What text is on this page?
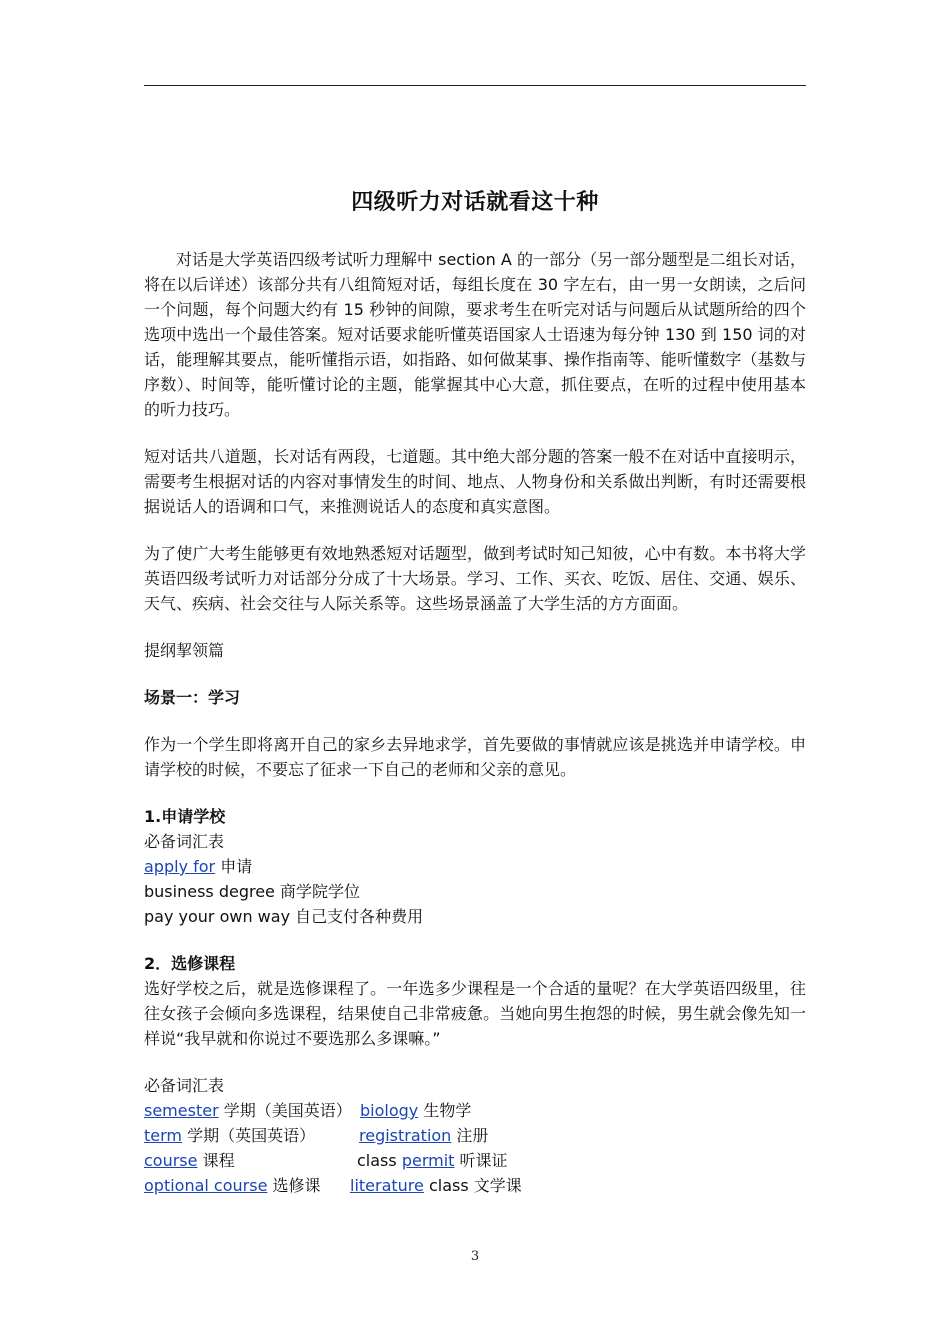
四级听力对话就看这十种

对话是大学英语四级考试听力理解中 section A 的一部分（另一部分题型是二组长对话，将在以后详述）该部分共有八组简短对话，每组长度在 30 字左右，由一男一女朗读，之后问一个问题，每个问题大约有 15 秒钟的间隙，要求考生在听完对话与问题后从试题所给的四个选项中选出一个最佳答案。短对话要求能听懂英语国家人士语速为每分钟 130 到 150 词的对话，能理解其要点，能听懂指示语，如指路、如何做某事、操作指南等、能听懂数字（基数与序数）、时间等，能听懂讨论的主题，能掌握其中心大意，抓住要点，在听的过程中使用基本的听力技巧。

短对话共八道题，长对话有两段，七道题。其中绝大部分题的答案一般不在对话中直接明示，需要考生根据对话的内容对事情发生的时间、地点、人物身份和关系做出判断，有时还需要根据说话人的语调和口气，来推测说话人的态度和真实意图。

为了使广大考生能够更有效地熟悉短对话题型，做到考试时知己知彼，心中有数。本书将大学英语四级考试听力对话部分分成了十大场景。学习、工作、买衣、吃饭、居住、交通、娱乐、天气、疾病、社会交往与人际关系等。这些场景涵盖了大学生活的方方面面。

提纲挈领篇

场景一：学习

作为一个学生即将离开自己的家乡去异地求学，首先要做的事情就应该是挑选并申请学校。申请学校的时候，不要忘了征求一下自己的老师和父亲的意见。

1.申请学校

必备词汇表

apply for 申请

business degree 商学院学位

pay your own way 自己支付各种费用

2．选修课程

选好学校之后，就是选修课程了。一年选多少课程是一个合适的量呢？在大学英语四级里，往往女孩子会倾向多选课程，结果使自己非常疲惫。当她向男生抱怨的时候，男生就会像先知一样说“我早就和你说过不要选那么多课嘛。”

必备词汇表

semester 学期（美国英语） biology 生物学
term 学期（英国英语）	registration 注册
course 课程	class permit 听课证
optional course 选修课 literature class 文学课
3
